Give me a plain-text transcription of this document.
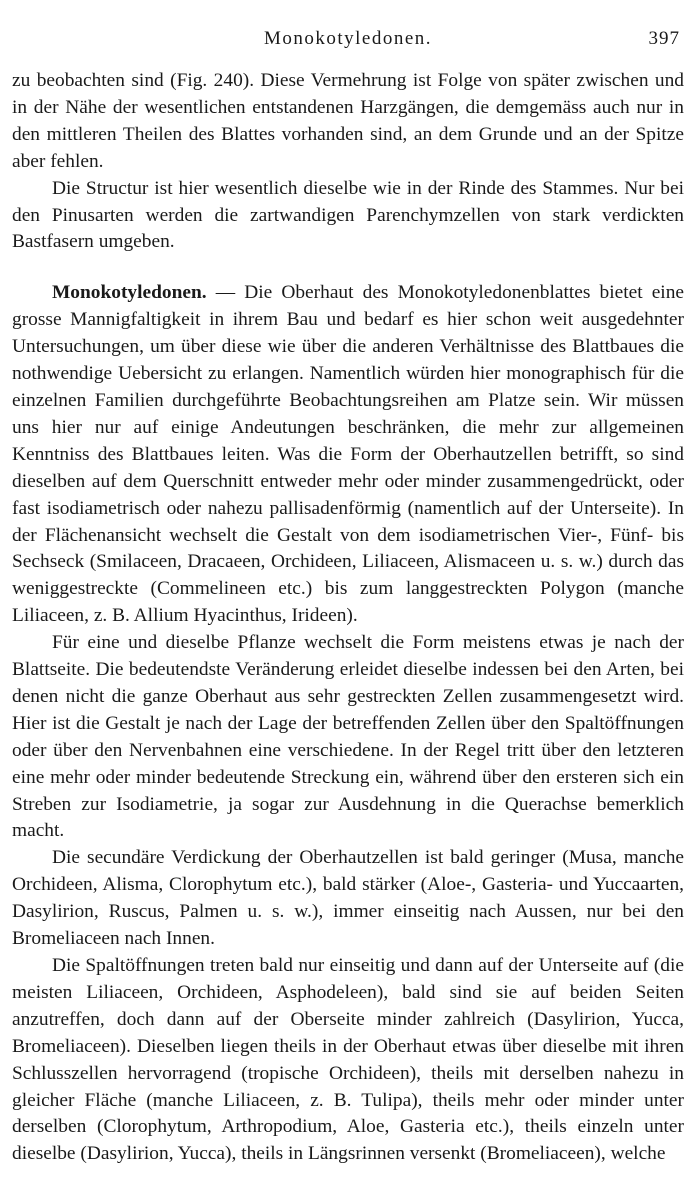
Monokotyledonen.	397

zu beobachten sind (Fig. 240). Diese Vermehrung ist Folge von später zwischen und in der Nähe der wesentlichen entstandenen Harzgängen, die demgemäss auch nur in den mittleren Theilen des Blattes vorhanden sind, an dem Grunde und an der Spitze aber fehlen.

Die Structur ist hier wesentlich dieselbe wie in der Rinde des Stammes. Nur bei den Pinusarten werden die zartwandigen Parenchymzellen von stark verdickten Bastfasern umgeben.

Monokotyledonen. — Die Oberhaut des Monokotyledonenblattes bietet eine grosse Mannigfaltigkeit in ihrem Bau und bedarf es hier schon weit ausgedehnter Untersuchungen, um über diese wie über die anderen Verhältnisse des Blattbaues die nothwendige Uebersicht zu erlangen. Namentlich würden hier monographisch für die einzelnen Familien durchgeführte Beobachtungsreihen am Platze sein. Wir müssen uns hier nur auf einige Andeutungen beschränken, die mehr zur allgemeinen Kenntniss des Blattbaues leiten. Was die Form der Oberhautzellen betrifft, so sind dieselben auf dem Querschnitt entweder mehr oder minder zusammengedrückt, oder fast isodiametrisch oder nahezu pallisadenförmig (namentlich auf der Unterseite). In der Flächenansicht wechselt die Gestalt von dem isodiametrischen Vier-, Fünf- bis Sechseck (Smilaceen, Dracaeen, Orchideen, Liliaceen, Alismaceen u. s. w.) durch das weniggestreckte (Commelineen etc.) bis zum langgestreckten Polygon (manche Liliaceen, z. B. Allium Hyacinthus, Irideen).

Für eine und dieselbe Pflanze wechselt die Form meistens etwas je nach der Blattseite. Die bedeutendste Veränderung erleidet dieselbe indessen bei den Arten, bei denen nicht die ganze Oberhaut aus sehr gestreckten Zellen zusammengesetzt wird. Hier ist die Gestalt je nach der Lage der betreffenden Zellen über den Spaltöffnungen oder über den Nervenbahnen eine verschiedene. In der Regel tritt über den letzteren eine mehr oder minder bedeutende Streckung ein, während über den ersteren sich ein Streben zur Isodiametrie, ja sogar zur Ausdehnung in die Querachse bemerklich macht.

Die secundäre Verdickung der Oberhautzellen ist bald geringer (Musa, manche Orchideen, Alisma, Clorophytum etc.), bald stärker (Aloe-, Gasteria- und Yuccaarten, Dasylirion, Ruscus, Palmen u. s. w.), immer einseitig nach Aussen, nur bei den Bromeliaceen nach Innen.

Die Spaltöffnungen treten bald nur einseitig und dann auf der Unterseite auf (die meisten Liliaceen, Orchideen, Asphodeleen), bald sind sie auf beiden Seiten anzutreffen, doch dann auf der Oberseite minder zahlreich (Dasylirion, Yucca, Bromeliaceen). Dieselben liegen theils in der Oberhaut etwas über dieselbe mit ihren Schlusszellen hervorragend (tropische Orchideen), theils mit derselben nahezu in gleicher Fläche (manche Liliaceen, z. B. Tulipa), theils mehr oder minder unter derselben (Clorophytum, Arthropodium, Aloe, Gasteria etc.), theils einzeln unter dieselbe (Dasylirion, Yucca), theils in Längsrinnen versenkt (Bromeliaceen), welche
